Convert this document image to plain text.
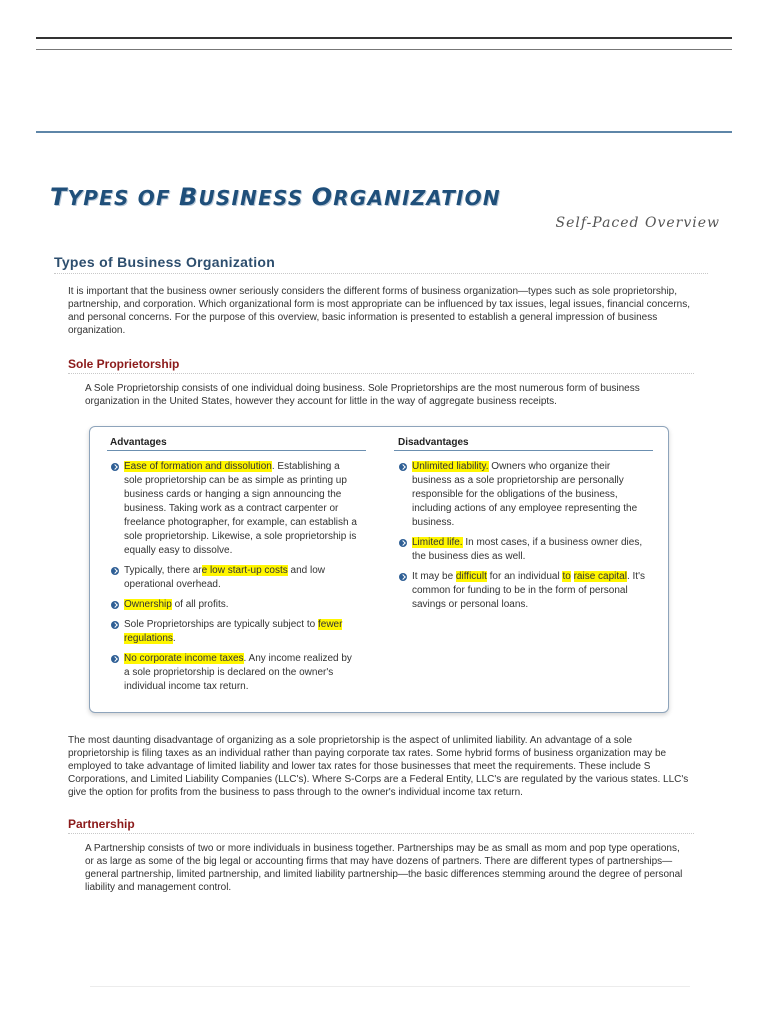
TYPES OF BUSINESS ORGANIZATION

Self-Paced Overview

Types of Business Organization

It is important that the business owner seriously considers the different forms of business organization—types such as sole proprietorship, partnership, and corporation. Which organizational form is most appropriate can be influenced by tax issues, legal issues, financial concerns, and personal concerns. For the purpose of this overview, basic information is presented to establish a general impression of business organization.

Sole Proprietorship

A Sole Proprietorship consists of one individual doing business. Sole Proprietorships are the most numerous form of business organization in the United States, however they account for little in the way of aggregate business receipts.

Advantages	Disadvantages

Ease of formation and dissolution. Establishing a sole proprietorship can be as simple as printing up business cards or hanging a sign announcing the business. Taking work as a contract carpenter or freelance photographer, for example, can establish a sole proprietorship. Likewise, a sole proprietorship is equally easy to dissolve.
Typically, there are low start-up costs and low operational overhead.
Ownership of all profits.
Sole Proprietorships are typically subject to fewer regulations.
No corporate income taxes. Any income realized by a sole proprietorship is declared on the owner's individual income tax return.
Unlimited liability. Owners who organize their business as a sole proprietorship are personally responsible for the obligations of the business, including actions of any employee representing the business.
Limited life. In most cases, if a business owner dies, the business dies as well.
It may be difficult for an individual to raise capital. It's common for funding to be in the form of personal savings or personal loans.

The most daunting disadvantage of organizing as a sole proprietorship is the aspect of unlimited liability. An advantage of a sole proprietorship is filing taxes as an individual rather than paying corporate tax rates. Some hybrid forms of business organization may be employed to take advantage of limited liability and lower tax rates for those businesses that meet the requirements. These include S Corporations, and Limited Liability Companies (LLC's). Where S-Corps are a Federal Entity, LLC's are regulated by the various states. LLC's give the option for profits from the business to pass through to the owner's individual income tax return.

Partnership

A Partnership consists of two or more individuals in business together. Partnerships may be as small as mom and pop type operations, or as large as some of the big legal or accounting firms that may have dozens of partners. There are different types of partnerships—general partnership, limited partnership, and limited liability partnership—the basic differences stemming around the degree of personal liability and management control.
